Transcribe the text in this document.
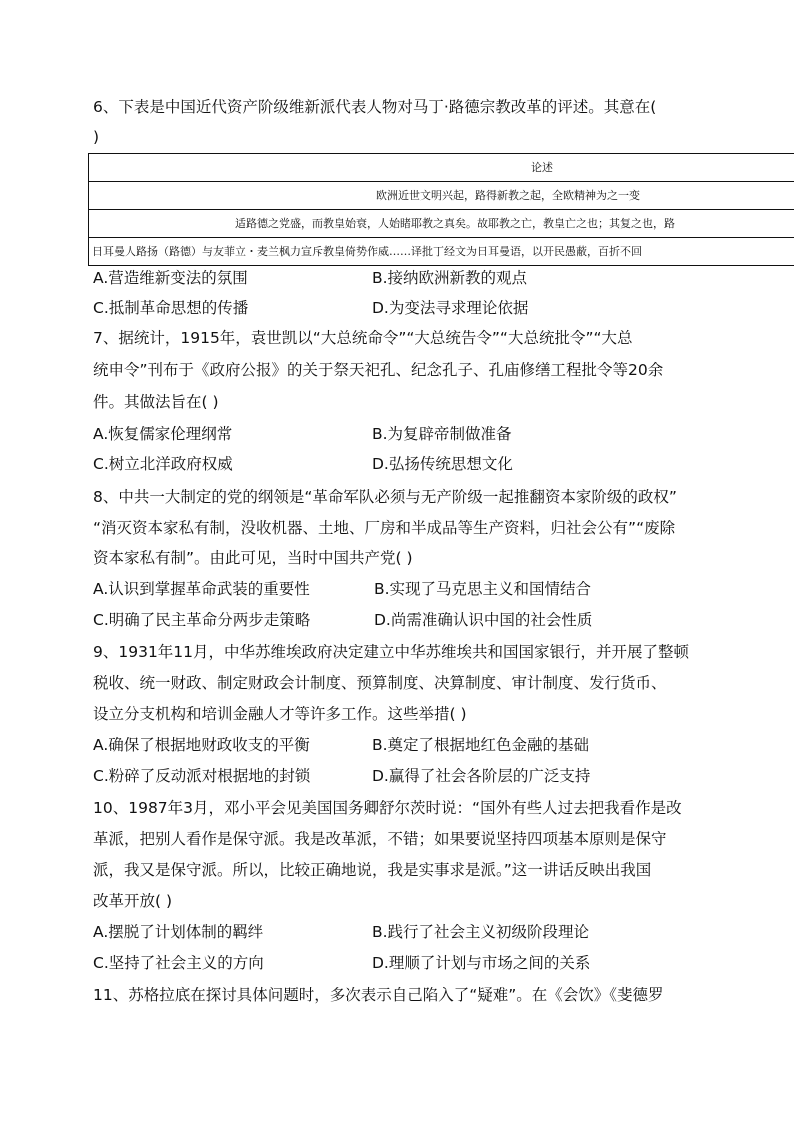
6、下表是中国近代资产阶级维新派代表人物对马丁·路德宗教改革的评述。其意在(
)
论述
欧洲近世文明兴起，路得新教之起，全欧精神为之一变
适路德之党盛，而教皇始衰，人始睹耶教之真矣。故耶教之亡，教皇亡之也；其复之也，路
日耳曼人路扬（路德）与友菲立・麦兰枫力宣斥教皇倚势作威……译批丁经文为日耳曼语，以开民愚蔽，百折不回
A.营造维新变法的氛围	B.接纳欧洲新教的观点
C.抵制革命思想的传播	D.为变法寻求理论依据
7、据统计，1915年，袁世凯以“大总统命令”“大总统告令”“大总统批令”“大总
统申令”刊布于《政府公报》的关于祭天祀孔、纪念孔子、孔庙修缮工程批令等20余
件。其做法旨在( )
A.恢复儒家伦理纲常	B.为复辟帝制做准备
C.树立北洋政府权威	D.弘扬传统思想文化
8、中共一大制定的党的纲领是“革命军队必须与无产阶级一起推翻资本家阶级的政权”
“消灭资本家私有制，没收机器、土地、厂房和半成品等生产资料，归社会公有”“废除
资本家私有制”。由此可见，当时中国共产党( )
A.认识到掌握革命武装的重要性	B.实现了马克思主义和国情结合
C.明确了民主革命分两步走策略	D.尚需准确认识中国的社会性质
9、1931年11月，中华苏维埃政府决定建立中华苏维埃共和国国家银行，并开展了整顿
税收、统一财政、制定财政会计制度、预算制度、决算制度、审计制度、发行货币、
设立分支机构和培训金融人才等许多工作。这些举措( )
A.确保了根据地财政收支的平衡	B.奠定了根据地红色金融的基础
C.粉碎了反动派对根据地的封锁	D.赢得了社会各阶层的广泛支持
10、1987年3月，邓小平会见美国国务卿舒尔茨时说：“国外有些人过去把我看作是改
革派，把别人看作是保守派。我是改革派，不错；如果要说坚持四项基本原则是保守
派，我又是保守派。所以，比较正确地说，我是实事求是派。”这一讲话反映出我国
改革开放( )
A.摆脱了计划体制的羁绊	B.践行了社会主义初级阶段理论
C.坚持了社会主义的方向	D.理顺了计划与市场之间的关系
11、苏格拉底在探讨具体问题时，多次表示自己陷入了“疑难”。在《会饮》《斐德罗
